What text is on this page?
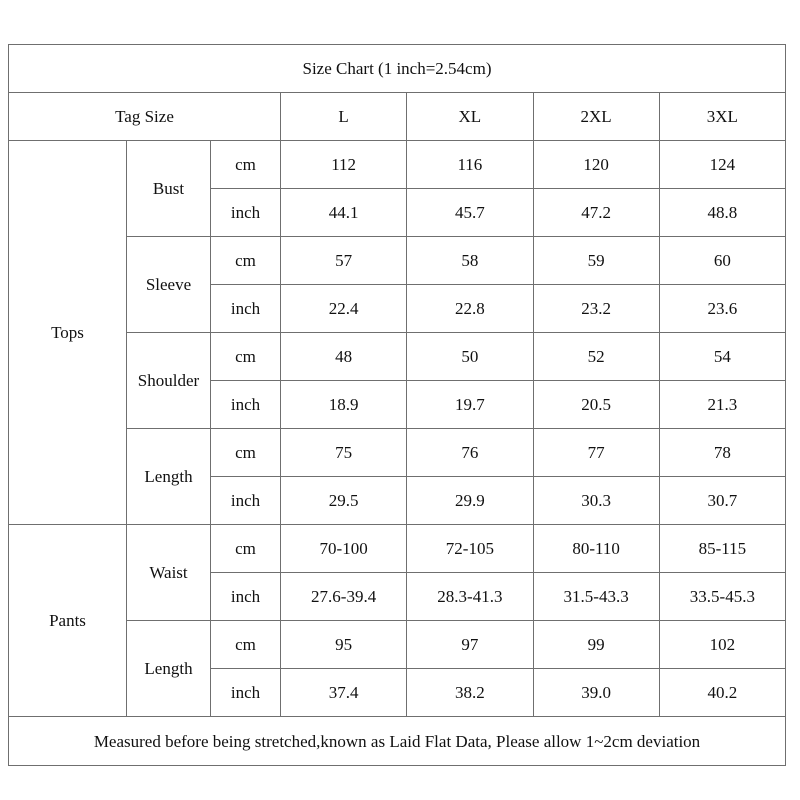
Size Chart (1 inch=2.54cm)						
Tag Size			L	XL	2XL	3XL
Tops	Bust	cm	112	116	120	124
		inch	44.1	45.7	47.2	48.8
	Sleeve	cm	57	58	59	60
		inch	22.4	22.8	23.2	23.6
	Shoulder	cm	48	50	52	54
		inch	18.9	19.7	20.5	21.3
	Length	cm	75	76	77	78
		inch	29.5	29.9	30.3	30.7
Pants	Waist	cm	70-100	72-105	80-110	85-115
		inch	27.6-39.4	28.3-41.3	31.5-43.3	33.5-45.3
	Length	cm	95	97	99	102
		inch	37.4	38.2	39.0	40.2
Measured before being stretched,known as Laid Flat Data, Please allow 1~2cm deviation						
